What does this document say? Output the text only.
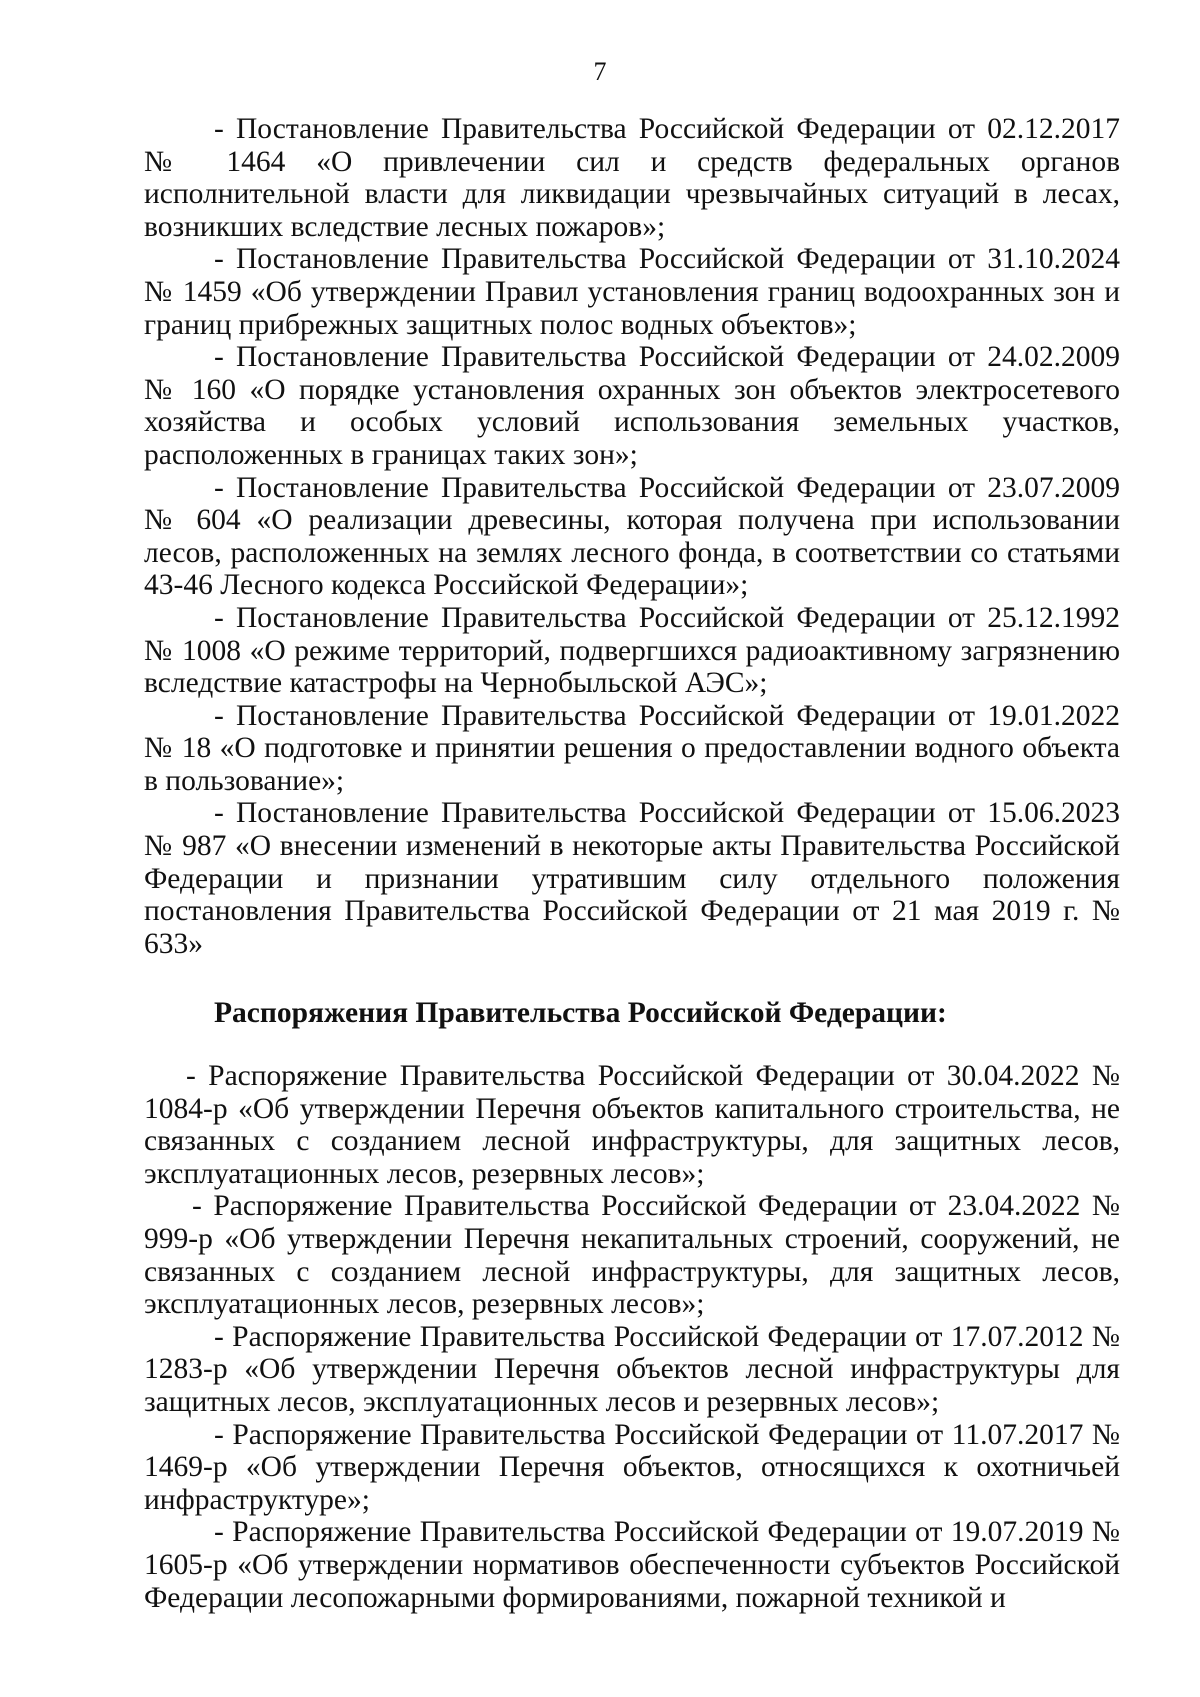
7

- Постановление Правительства Российской Федерации от 02.12.2017 № 1464 «О привлечении сил и средств федеральных органов исполнительной власти для ликвидации чрезвычайных ситуаций в лесах, возникших вследствие лесных пожаров»;

- Постановление Правительства Российской Федерации от 31.10.2024 № 1459 «Об утверждении Правил установления границ водоохранных зон и границ прибрежных защитных полос водных объектов»;

- Постановление Правительства Российской Федерации от 24.02.2009 № 160 «О порядке установления охранных зон объектов электросетевого хозяйства и особых условий использования земельных участков, расположенных в границах таких зон»;

- Постановление Правительства Российской Федерации от 23.07.2009 № 604 «О реализации древесины, которая получена при использовании лесов, расположенных на землях лесного фонда, в соответствии со статьями 43-46 Лесного кодекса Российской Федерации»;

- Постановление Правительства Российской Федерации от 25.12.1992 № 1008 «О режиме территорий, подвергшихся радиоактивному загрязнению вследствие катастрофы на Чернобыльской АЭС»;

- Постановление Правительства Российской Федерации от 19.01.2022 № 18 «О подготовке и принятии решения о предоставлении водного объекта в пользование»;

- Постановление Правительства Российской Федерации от 15.06.2023 № 987 «О внесении изменений в некоторые акты Правительства Российской Федерации и признании утратившим силу отдельного положения постановления Правительства Российской Федерации от 21 мая 2019 г. № 633»

Распоряжения Правительства Российской Федерации:

- Распоряжение Правительства Российской Федерации от 30.04.2022 № 1084-р «Об утверждении Перечня объектов капитального строительства, не связанных с созданием лесной инфраструктуры, для защитных лесов, эксплуатационных лесов, резервных лесов»;

- Распоряжение Правительства Российской Федерации от 23.04.2022 № 999-р «Об утверждении Перечня некапитальных строений, сооружений, не связанных с созданием лесной инфраструктуры, для защитных лесов, эксплуатационных лесов, резервных лесов»;

- Распоряжение Правительства Российской Федерации от 17.07.2012 № 1283-р «Об утверждении Перечня объектов лесной инфраструктуры для защитных лесов, эксплуатационных лесов и резервных лесов»;

- Распоряжение Правительства Российской Федерации от 11.07.2017 № 1469-р «Об утверждении Перечня объектов, относящихся к охотничьей инфраструктуре»;

- Распоряжение Правительства Российской Федерации от 19.07.2019 № 1605-р «Об утверждении нормативов обеспеченности субъектов Российской Федерации лесопожарными формированиями, пожарной техникой и
